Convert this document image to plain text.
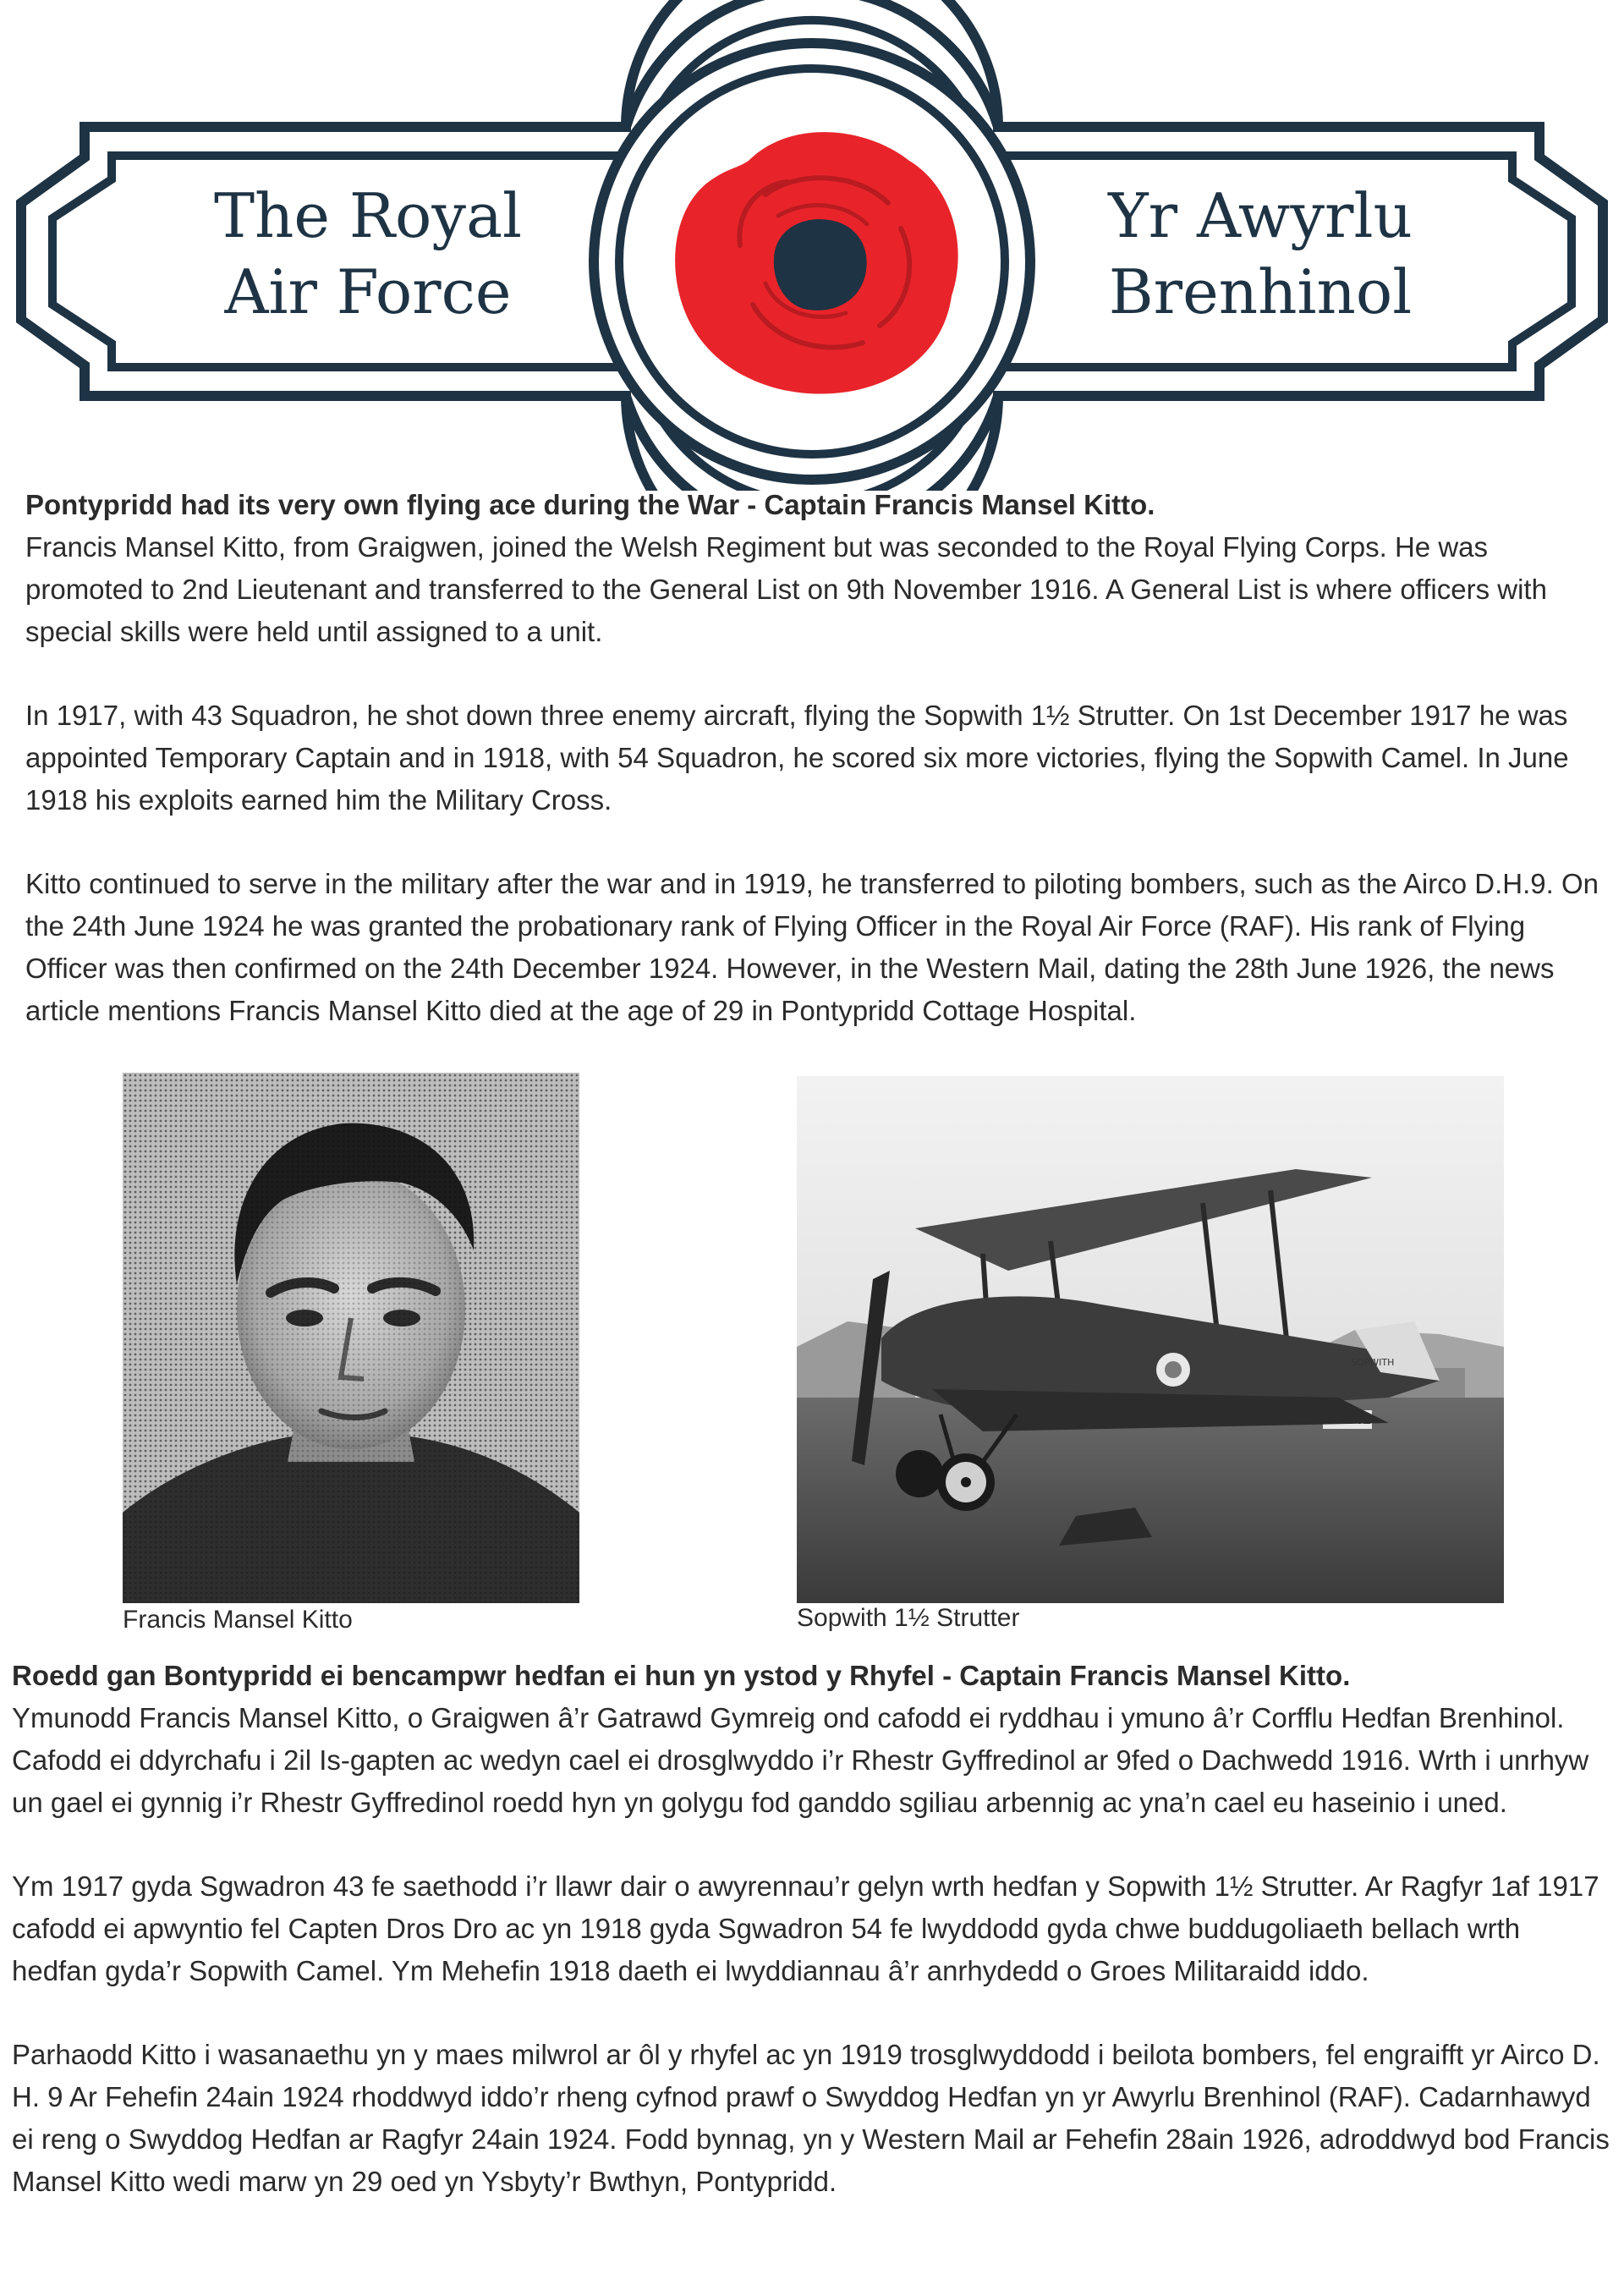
The Royal
Air Force
Yr Awyrlu
Brenhinol

Pontypridd had its very own flying ace during the War - Captain Francis Mansel Kitto.
Francis Mansel Kitto, from Graigwen, joined the Welsh Regiment but was seconded to the Royal Flying Corps. He was promoted to 2nd Lieutenant and transferred to the General List on 9th November 1916. A General List is where officers with special skills were held until assigned to a unit.

In 1917, with 43 Squadron, he shot down three enemy aircraft, flying the Sopwith 1½ Strutter. On 1st December 1917 he was appointed Temporary Captain and in 1918, with 54 Squadron, he scored six more victories, flying the Sopwith Camel. In June 1918 his exploits earned him the Military Cross.

Kitto continued to serve in the military after the war and in 1919, he transferred to piloting bombers, such as the Airco D.H.9. On the 24th June 1924 he was granted the probationary rank of Flying Officer in the Royal Air Force (RAF). His rank of Flying Officer was then confirmed on the 24th December 1924. However, in the Western Mail, dating the 28th June 1926, the news article mentions Francis Mansel Kitto died at the age of 29 in Pontypridd Cottage Hospital.

SOPWITH
Francis Mansel Kitto	Sopwith 1½ Strutter

Roedd gan Bontypridd ei bencampwr hedfan ei hun yn ystod y Rhyfel - Captain Francis Mansel Kitto.
Ymunodd Francis Mansel Kitto, o Graigwen â’r Gatrawd Gymreig ond cafodd ei ryddhau i ymuno â’r Corfflu Hedfan Brenhinol. Cafodd ei ddyrchafu i 2il Is-gapten ac wedyn cael ei drosglwyddo i’r Rhestr Gyffredinol ar 9fed o Dachwedd 1916. Wrth i unrhyw un gael ei gynnig i’r Rhestr Gyffredinol roedd hyn yn golygu fod ganddo sgiliau arbennig ac yna’n cael eu haseinio i uned.

Ym 1917 gyda Sgwadron 43 fe saethodd i’r llawr dair o awyrennau’r gelyn wrth hedfan y Sopwith 1½ Strutter. Ar Ragfyr 1af 1917 cafodd ei apwyntio fel Capten Dros Dro ac yn 1918 gyda Sgwadron 54 fe lwyddodd gyda chwe buddugoliaeth bellach wrth hedfan gyda’r Sopwith Camel. Ym Mehefin 1918 daeth ei lwyddiannau â’r anrhydedd o Groes Militaraidd iddo.

Parhaodd Kitto i wasanaethu yn y maes milwrol ar ôl y rhyfel ac yn 1919 trosglwyddodd i beilota bombers, fel engraifft yr Airco D. H. 9 Ar Fehefin 24ain 1924 rhoddwyd iddo’r rheng cyfnod prawf o Swyddog Hedfan yn yr Awyrlu Brenhinol (RAF). Cadarnhawyd ei reng o Swyddog Hedfan ar Ragfyr 24ain 1924. Fodd bynnag, yn y Western Mail ar Fehefin 28ain 1926, adroddwyd bod Francis Mansel Kitto wedi marw yn 29 oed yn Ysbyty’r Bwthyn, Pontypridd.
